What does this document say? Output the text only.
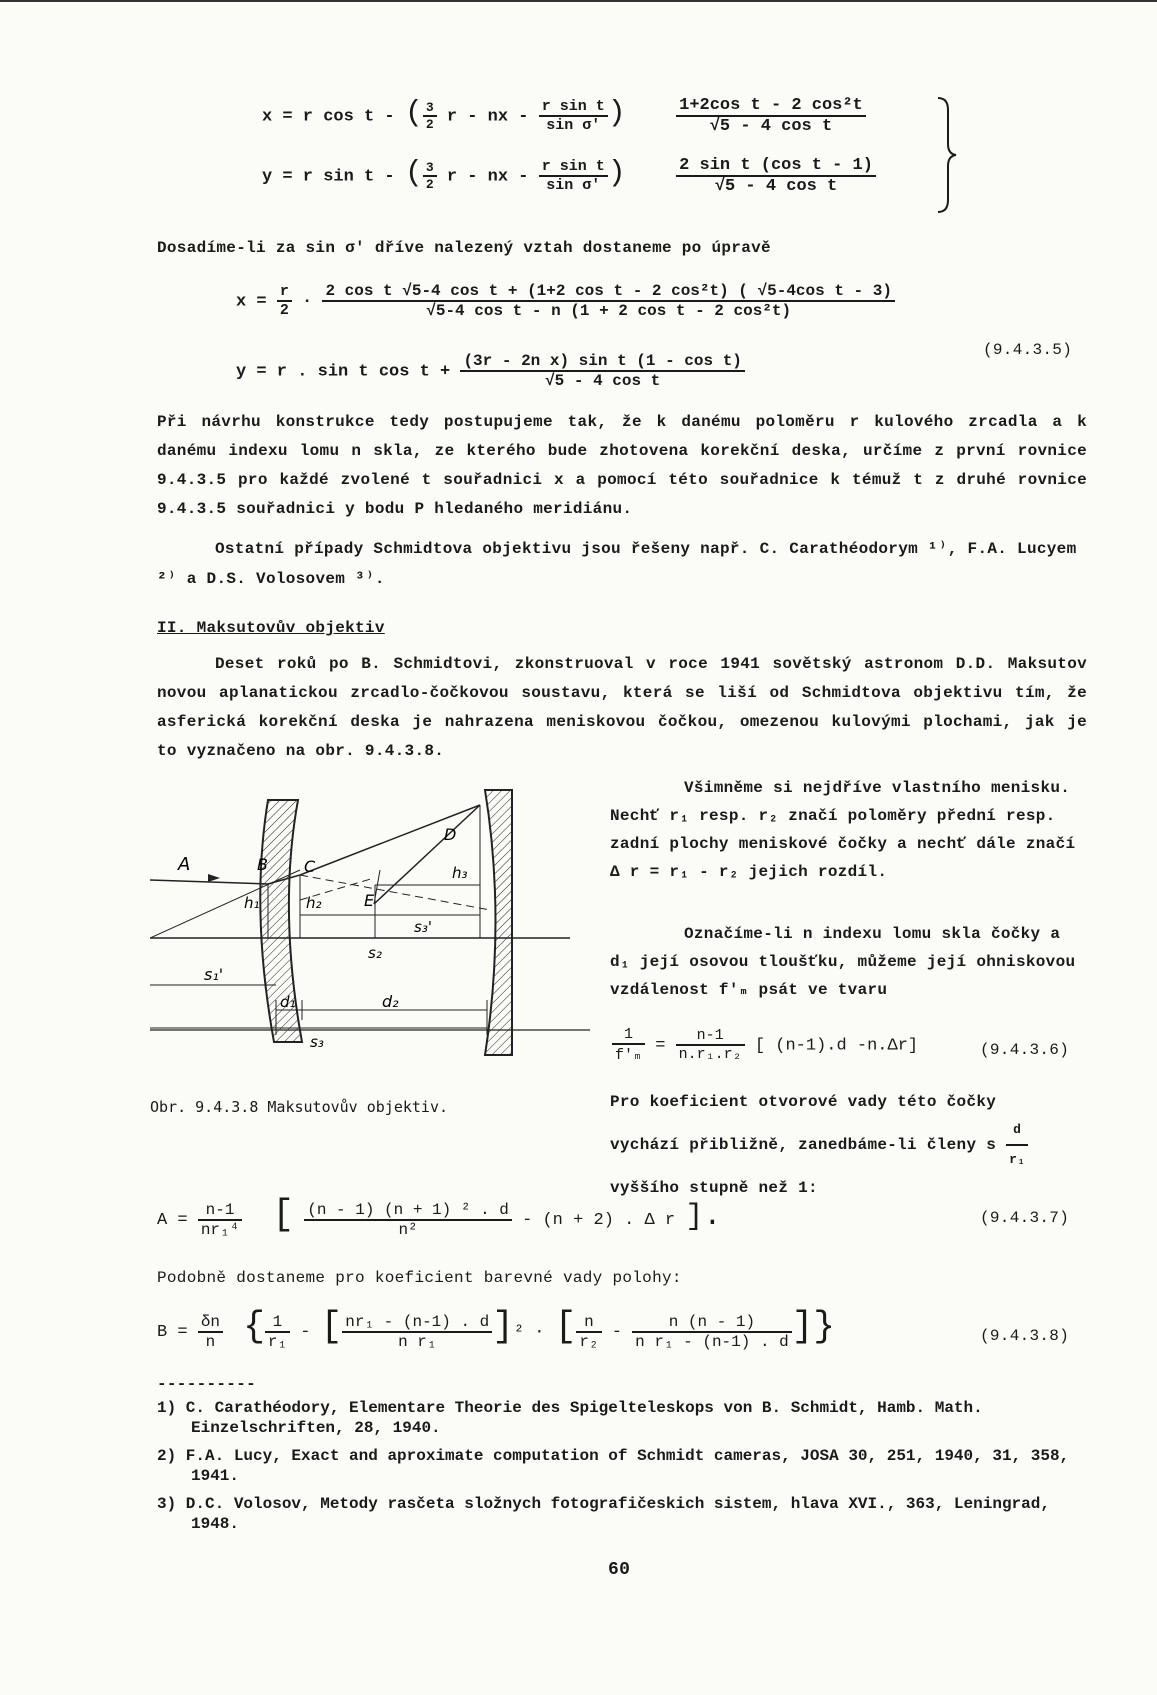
x = r cos t - ( $\frac{3}{2}$ r - nx - $\frac{\text{r sin t}}{\text{sin σ'}}$ )	$\frac{\text{1+2cos t - 2 cos²t}}{\text{√5 - 4 cos t}}$
y = r sin t - ( $\frac{3}{2}$ r - nx - $\frac{\text{r sin t}}{\text{sin σ'}}$ )	$\frac{\text{2 sin t (cos t - 1)}}{\text{√5 - 4 cos t}}$
Dosadíme-li za sin σ' dříve nalezený vztah dostaneme po úpravě
$x = \frac{r}{2} \cdot \frac{\text{2 cos t √5-4 cos t + (1+2 cos t - 2 cos²t) ( √5-4cos t - 3)}}{\text{√5-4 cos t - n (1 + 2 cos t - 2 cos²t)}}$
y = r . sin t $\cos t + \frac{\text{(3r - 2n x) sin t (1 - cos t)}}{\text{√5 - 4 cos t}}$
(9.4.3.5)
Při návrhu konstrukce tedy postupujeme tak, že k danému poloměru r kulového zrcadla a k danému indexu lomu n skla, ze kterého bude zhotovena korekční deska, určíme z první rovnice 9.4.3.5 pro každé zvolené t souřadnici x a pomocí této souřadnice k témuž t z druhé rovnice 9.4.3.5 souřadnici y bodu P hledaného meridiánu.
Ostatní případy Schmidtova objektivu jsou řešeny např. C. Carathéodorym ¹⁾, F.A. Lucyem ²⁾ a D.S. Volosovem ³⁾.
II. Maksutovův objektiv
Deset roků po B. Schmidtovi, zkonstruoval v roce 1941 sovětský astronom D.D. Maksutov novou aplanatickou zrcadlo-čočkovou soustavu, která se liší od Schmidtova objektivu tím, že asferická korekční deska je nahrazena meniskovou čočkou, omezenou kulovými plochami, jak je to vyznačeno na obr. 9.4.3.8.
A	B C
D
E
h₁	h₂
h₃
s₃'
s₂
s₁'
d₁	d₂
s₃
Obr. 9.4.3.8 Maksutovův objektiv.
Všimněme si nejdříve vlastního menisku. Nechť r₁ resp. r₂ značí poloměry přední resp. zadní plochy meniskové čočky a nechť dále značí Δ r = r₁ - r₂ jejich rozdíl.
Označíme-li n indexu lomu skla čočky a d₁ její osovou tloušťku, můžeme její ohniskovou vzdálenost f'ₘ psát ve tvaru
$\frac{1}{\text{f'ₘ}} = \frac{n-1}{\text{n.r₁.r₂}}$ [ (n-1).d -n.Δr]	(9.4.3.6)
Pro koeficient otvorové vady této čočky vychází přibližně, zanedbáme-li členy s $\frac{d}{\text{r₁}}$
vyššího stupně než 1:
$A = \frac{n-1}{\text{nr₁⁴}}$ [ $\frac{\text{(n - 1) (n + 1) ² . d}}{\text{n²}} - (n + 2)$ . Δ r ].	(9.4.3.7)
Podobně dostaneme pro koeficient barevné vady polohy:
$B = \frac{\delta n}{n}$ { $\frac{1}{\text{r₁}}$ - [ $\frac{\text{nr₁ - (n-1) . d}}{\text{n r₁}} ]^2$ · [ $\frac{n}{\text{r₂}} - \frac{n (n - 1)}{\text{n r₁ - (n-1) . d}}$ ]}	(9.4.3.8)
----------
1) C. Carathéodory, Elementare Theorie des Spigelteleskops von B. Schmidt, Hamb. Math. Einzelschriften, 28, 1940.
2) F.A. Lucy, Exact and aproximate computation of Schmidt cameras, JOSA 30, 251, 1940, 31, 358, 1941.
3) D.C. Volosov, Metody rasčeta složnych fotografičeskich sistem, hlava XVI., 363, Leningrad, 1948.
60
